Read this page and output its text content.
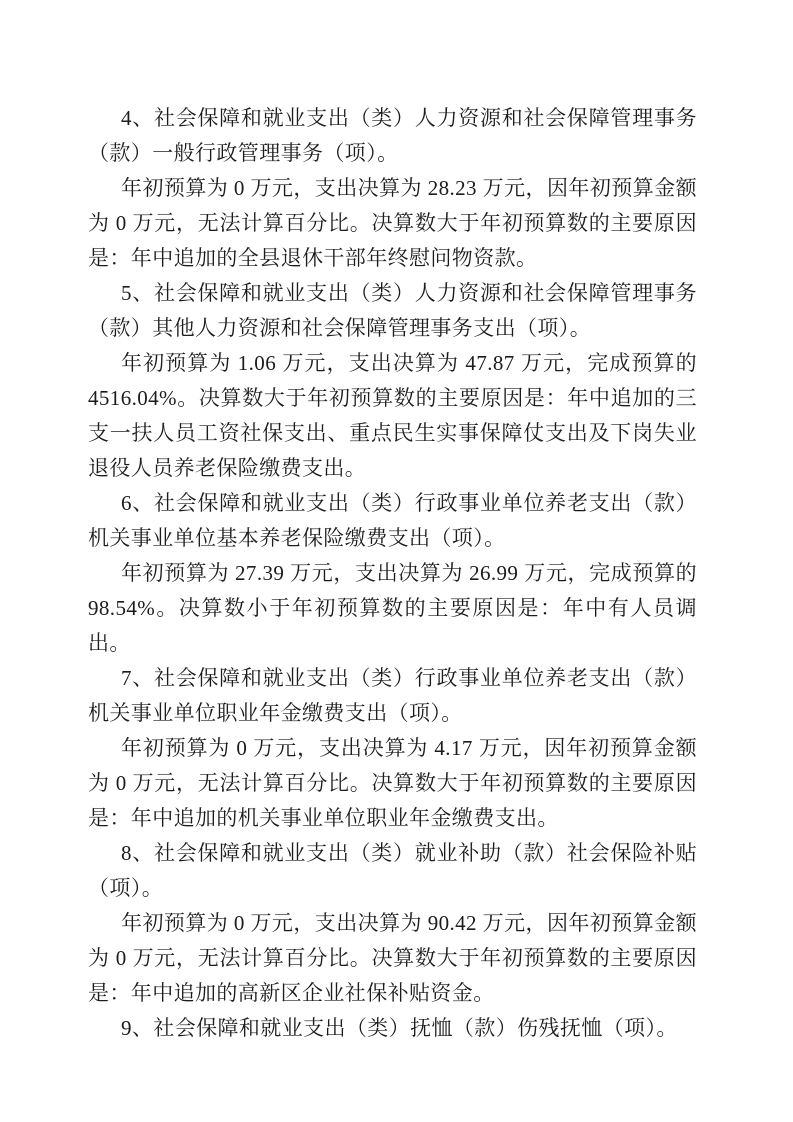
4、社会保障和就业支出（类）人力资源和社会保障管理事务（款）一般行政管理事务（项）。

年初预算为 0 万元，支出决算为 28.23 万元，因年初预算金额为 0 万元，无法计算百分比。决算数大于年初预算数的主要原因是：年中追加的全县退休干部年终慰问物资款。

5、社会保障和就业支出（类）人力资源和社会保障管理事务（款）其他人力资源和社会保障管理事务支出（项）。

年初预算为 1.06 万元，支出决算为 47.87 万元，完成预算的 4516.04%。决算数大于年初预算数的主要原因是：年中追加的三支一扶人员工资社保支出、重点民生实事保障仗支出及下岗失业退役人员养老保险缴费支出。

6、社会保障和就业支出（类）行政事业单位养老支出（款）机关事业单位基本养老保险缴费支出（项）。

年初预算为 27.39 万元，支出决算为 26.99 万元，完成预算的 98.54%。决算数小于年初预算数的主要原因是：年中有人员调出。

7、社会保障和就业支出（类）行政事业单位养老支出（款）机关事业单位职业年金缴费支出（项）。

年初预算为 0 万元，支出决算为 4.17 万元，因年初预算金额为 0 万元，无法计算百分比。决算数大于年初预算数的主要原因是：年中追加的机关事业单位职业年金缴费支出。

8、社会保障和就业支出（类）就业补助（款）社会保险补贴（项）。

年初预算为 0 万元，支出决算为 90.42 万元，因年初预算金额为 0 万元，无法计算百分比。决算数大于年初预算数的主要原因是：年中追加的高新区企业社保补贴资金。

9、社会保障和就业支出（类）抚恤（款）伤残抚恤（项）。
